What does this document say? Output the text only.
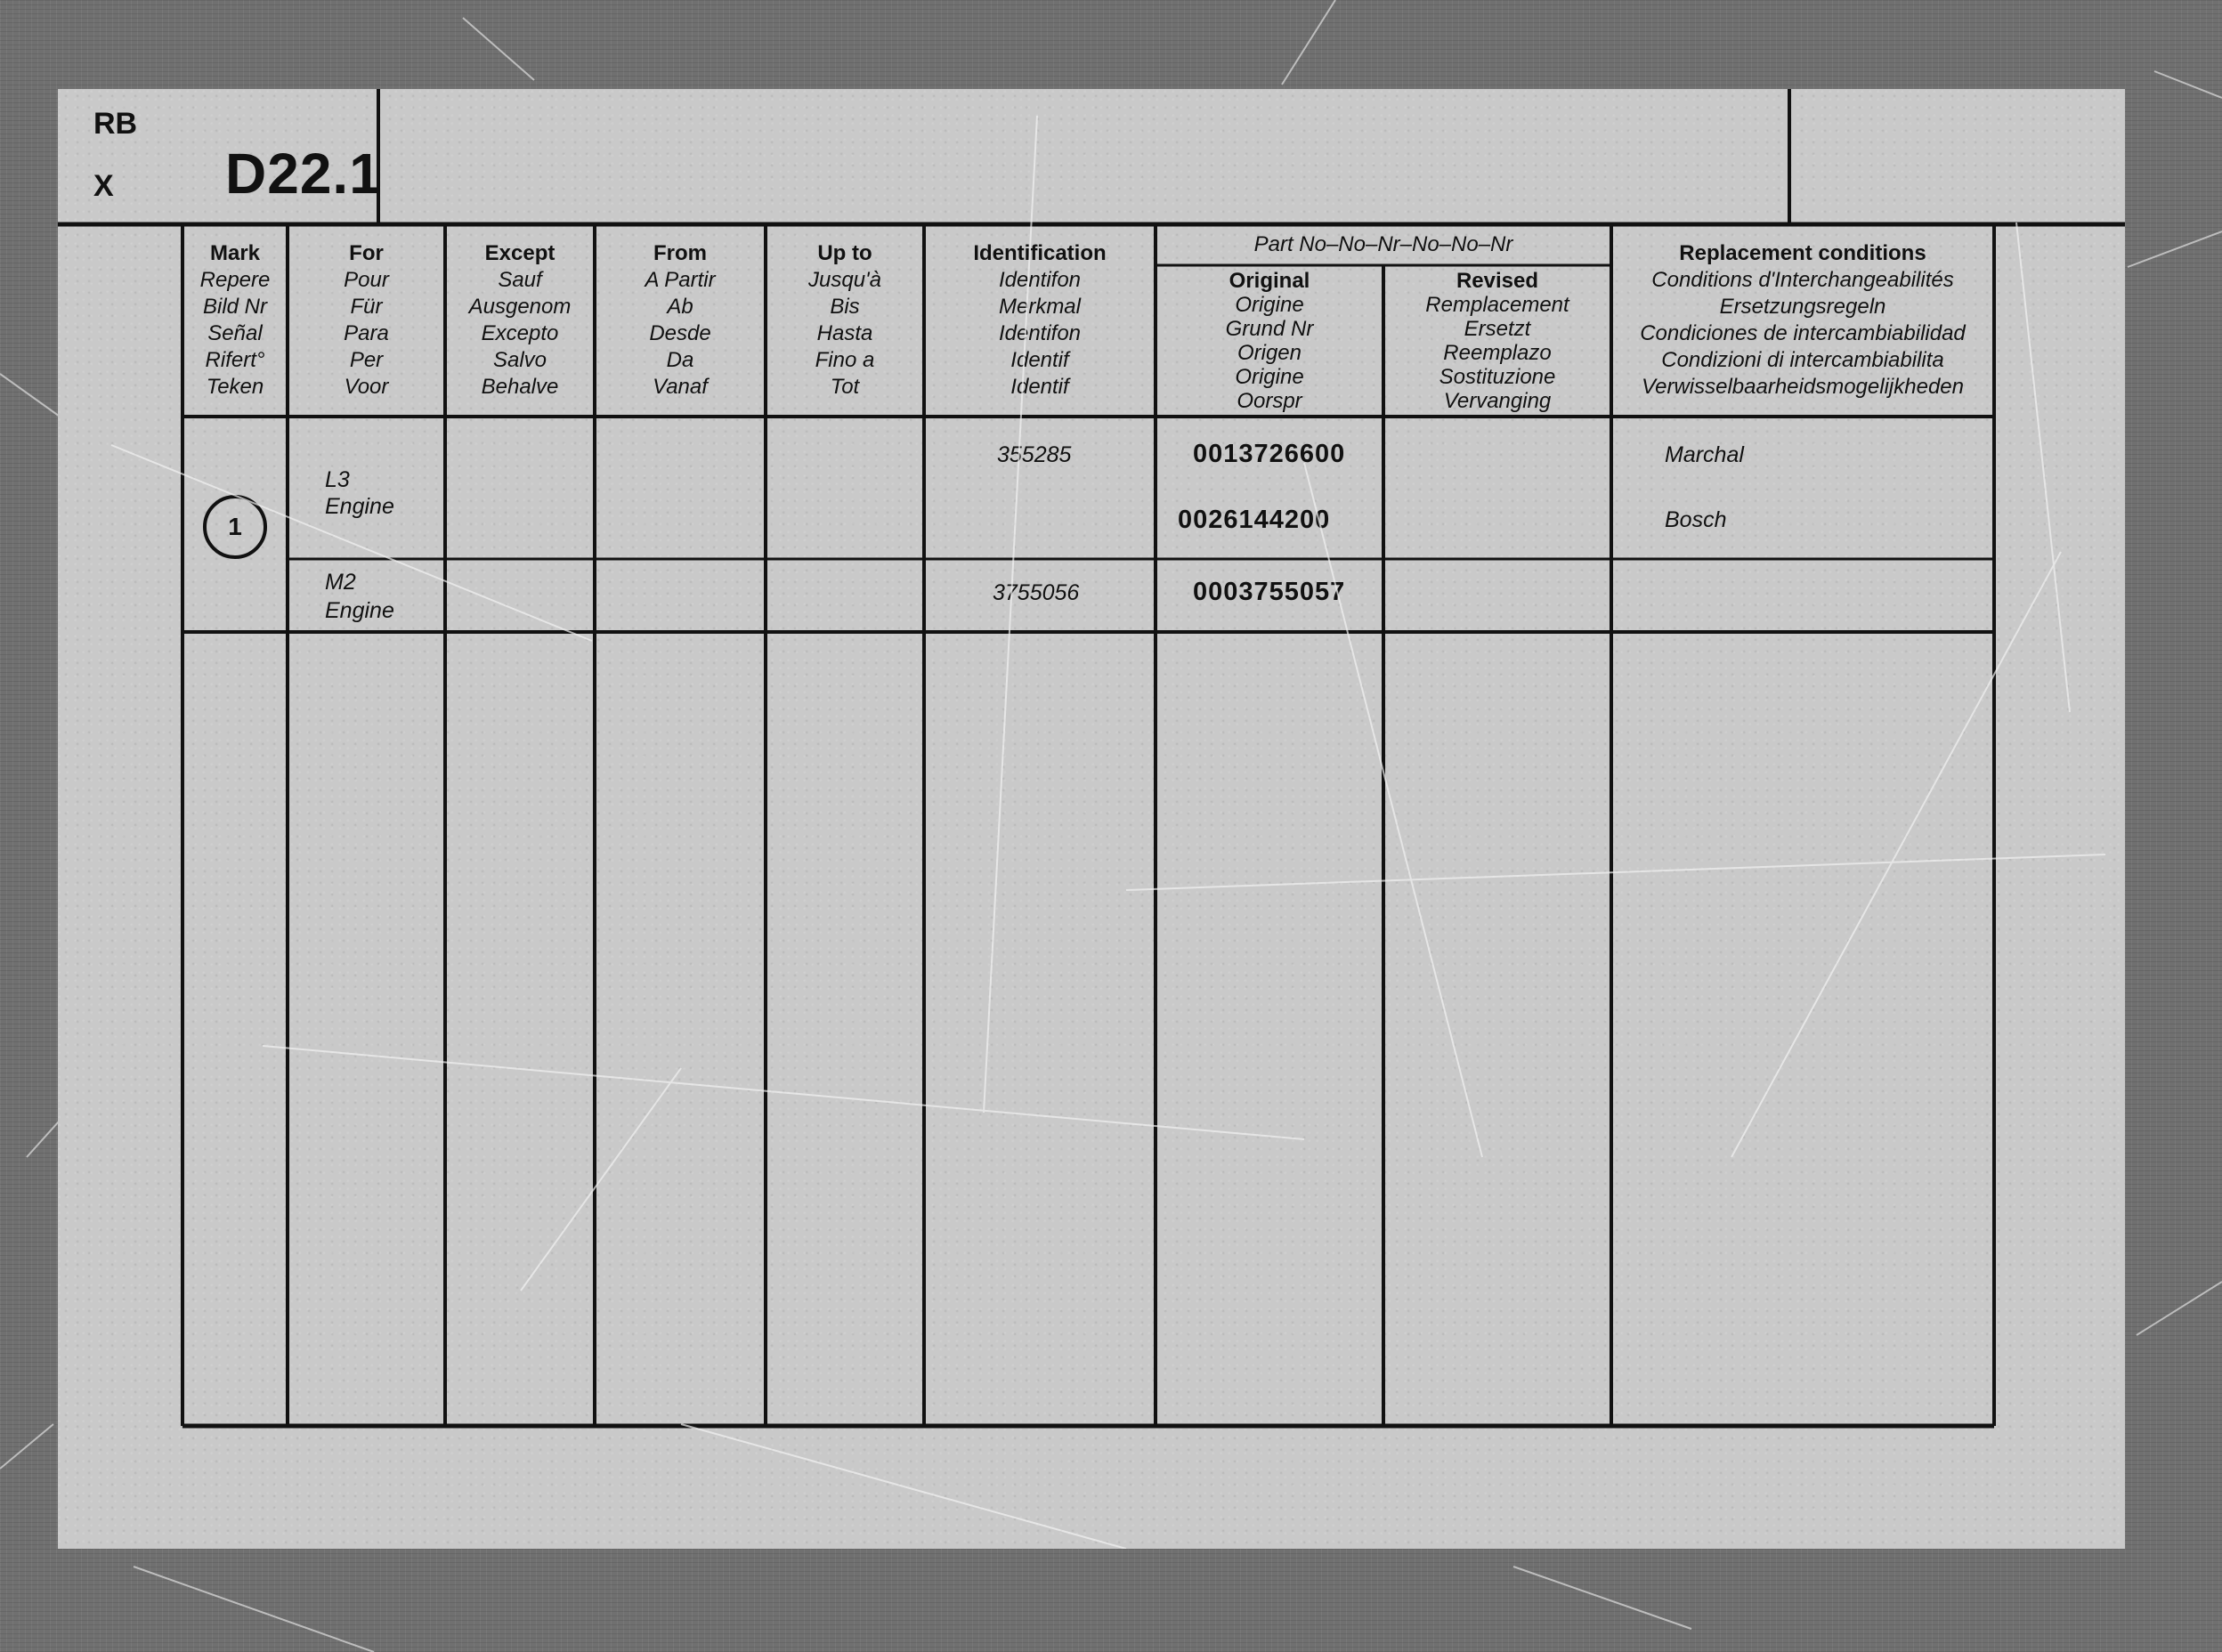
RB
X D22.1
Mark
Repere
Bild Nr
Señal
Rifert°
Teken
For
Pour
Für
Para
Per
Voor
Except
Sauf
Ausgenom
Excepto
Salvo
Behalve
From
A Partir
Ab
Desde
Da
Vanaf
Up to
Jusqu'à
Bis
Hasta
Fino a
Tot
Identification
Identifon
Merkmal
Identifon
Identif
Identif
Part No–No–Nr–No–No–Nr
Original
Origine
Grund Nr
Origen
Origine
Oorspr
Revised
Remplacement
Ersetzt
Reemplazo
Sostituzione
Vervanging
Replacement conditions
Conditions d'Interchangeabilités
Ersetzungsregeln
Condiciones de intercambiabilidad
Condizioni di intercambiabilita
Verwisselbaarheidsmogelijkheden
1
L3
Engine
355285	0013726600
0026144200
Marchal
Bosch
M2
Engine
3755056	0003755057
